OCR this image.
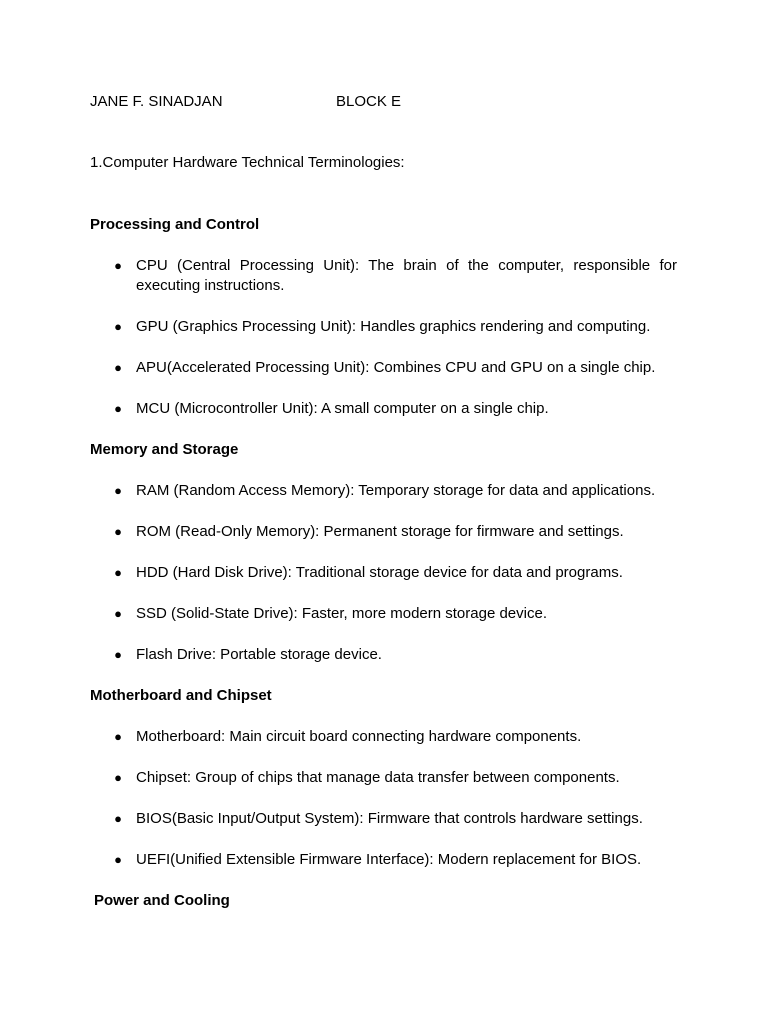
JANE F. SINADJAN	BLOCK E
1.Computer Hardware Technical Terminologies:
Processing and Control
● CPU (Central Processing Unit): The brain of the computer, responsible for executing instructions.
● GPU (Graphics Processing Unit): Handles graphics rendering and computing.
● APU(Accelerated Processing Unit): Combines CPU and GPU on a single chip.
● MCU (Microcontroller Unit): A small computer on a single chip.
Memory and Storage
● RAM (Random Access Memory): Temporary storage for data and applications.
● ROM (Read-Only Memory): Permanent storage for firmware and settings.
● HDD (Hard Disk Drive): Traditional storage device for data and programs.
● SSD (Solid-State Drive): Faster, more modern storage device.
● Flash Drive: Portable storage device.
Motherboard and Chipset
● Motherboard: Main circuit board connecting hardware components.
● Chipset: Group of chips that manage data transfer between components.
● BIOS(Basic Input/Output System): Firmware that controls hardware settings.
● UEFI(Unified Extensible Firmware Interface): Modern replacement for BIOS.
Power and Cooling
